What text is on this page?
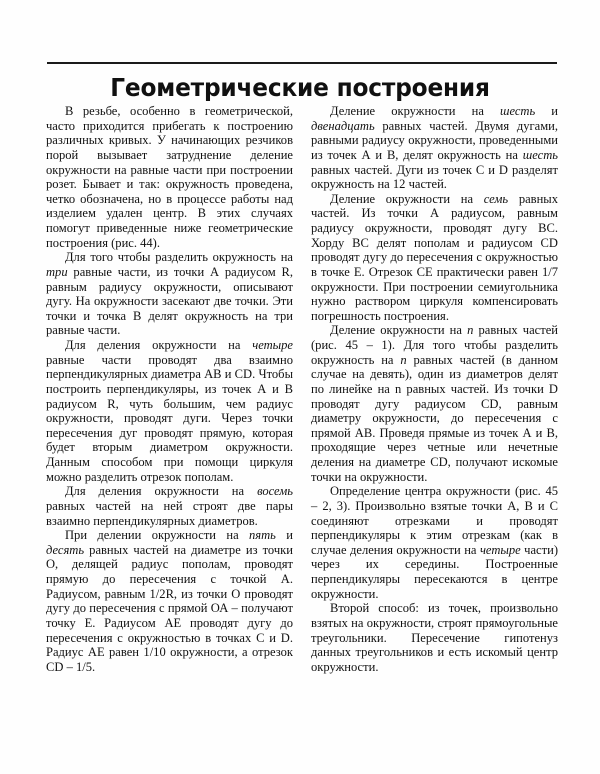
Геометрические построения

В резьбе, особенно в геометрической, часто приходится прибегать к построению различных кривых. У начинающих резчиков порой вызывает затруднение деление окружности на равные части при построении розет. Бывает и так: окружность проведена, четко обозначена, но в процессе работы над изделием удален центр. В этих случаях помогут приведенные ниже геометрические построения (рис. 44).

Для того чтобы разделить окружность на три равные части, из точки А радиусом R, равным радиусу окружности, описывают дугу. На окружности засекают две точки. Эти точки и точка В делят окружность на три равные части.

Для деления окружности на четыре равные части проводят два взаимно перпендикулярных диаметра АВ и CD. Чтобы построить перпендикуляры, из точек А и В радиусом R, чуть большим, чем радиус окружности, проводят дуги. Через точки пересечения дуг проводят прямую, которая будет вторым диаметром окружности. Данным способом при помощи циркуля можно разделить отрезок пополам.

Для деления окружности на восемь равных частей на ней строят две пары взаимно перпендикулярных диаметров.

При делении окружности на пять и десять равных частей на диаметре из точки О, делящей радиус пополам, проводят прямую до пересечения с точкой А. Радиусом, равным 1/2R, из точки О проводят дугу до пересечения с прямой ОА – получают точку Е. Радиусом АЕ проводят дугу до пересечения с окружностью в точках С и D. Радиус АЕ равен 1/10 окружности, а отрезок CD – 1/5.

Деление окружности на шесть и двенадцать равных частей. Двумя дугами, равными радиусу окружности, проведенными из точек А и В, делят окружность на шесть равных частей. Дуги из точек С и D разделят окружность на 12 частей.

Деление окружности на семь равных частей. Из точки А радиусом, равным радиусу окружности, проводят дугу ВС. Хорду ВС делят пополам и радиусом CD проводят дугу до пересечения с окружностью в точке Е. Отрезок СЕ практически равен 1/7 окружности. При построении семиугольника нужно раствором циркуля компенсировать погрешность построения.

Деление окружности на n равных частей (рис. 45 – 1). Для того чтобы разделить окружность на n равных частей (в данном случае на девять), один из диаметров делят по линейке на n равных частей. Из точки D проводят дугу радиусом CD, равным диаметру окружности, до пересечения с прямой АВ. Проведя прямые из точек А и В, проходящие через четные или нечетные деления на диаметре CD, получают искомые точки на окружности.

Определение центра окружности (рис. 45 – 2, 3). Произвольно взятые точки А, В и С соединяют отрезками и проводят перпендикуляры к этим отрезкам (как в случае деления окружности на четыре части) через их середины. Построенные перпендикуляры пересекаются в центре окружности.

Второй способ: из точек, произвольно взятых на окружности, строят прямоугольные треугольники. Пересечение гипотенуз данных треугольников и есть искомый центр окружности.
